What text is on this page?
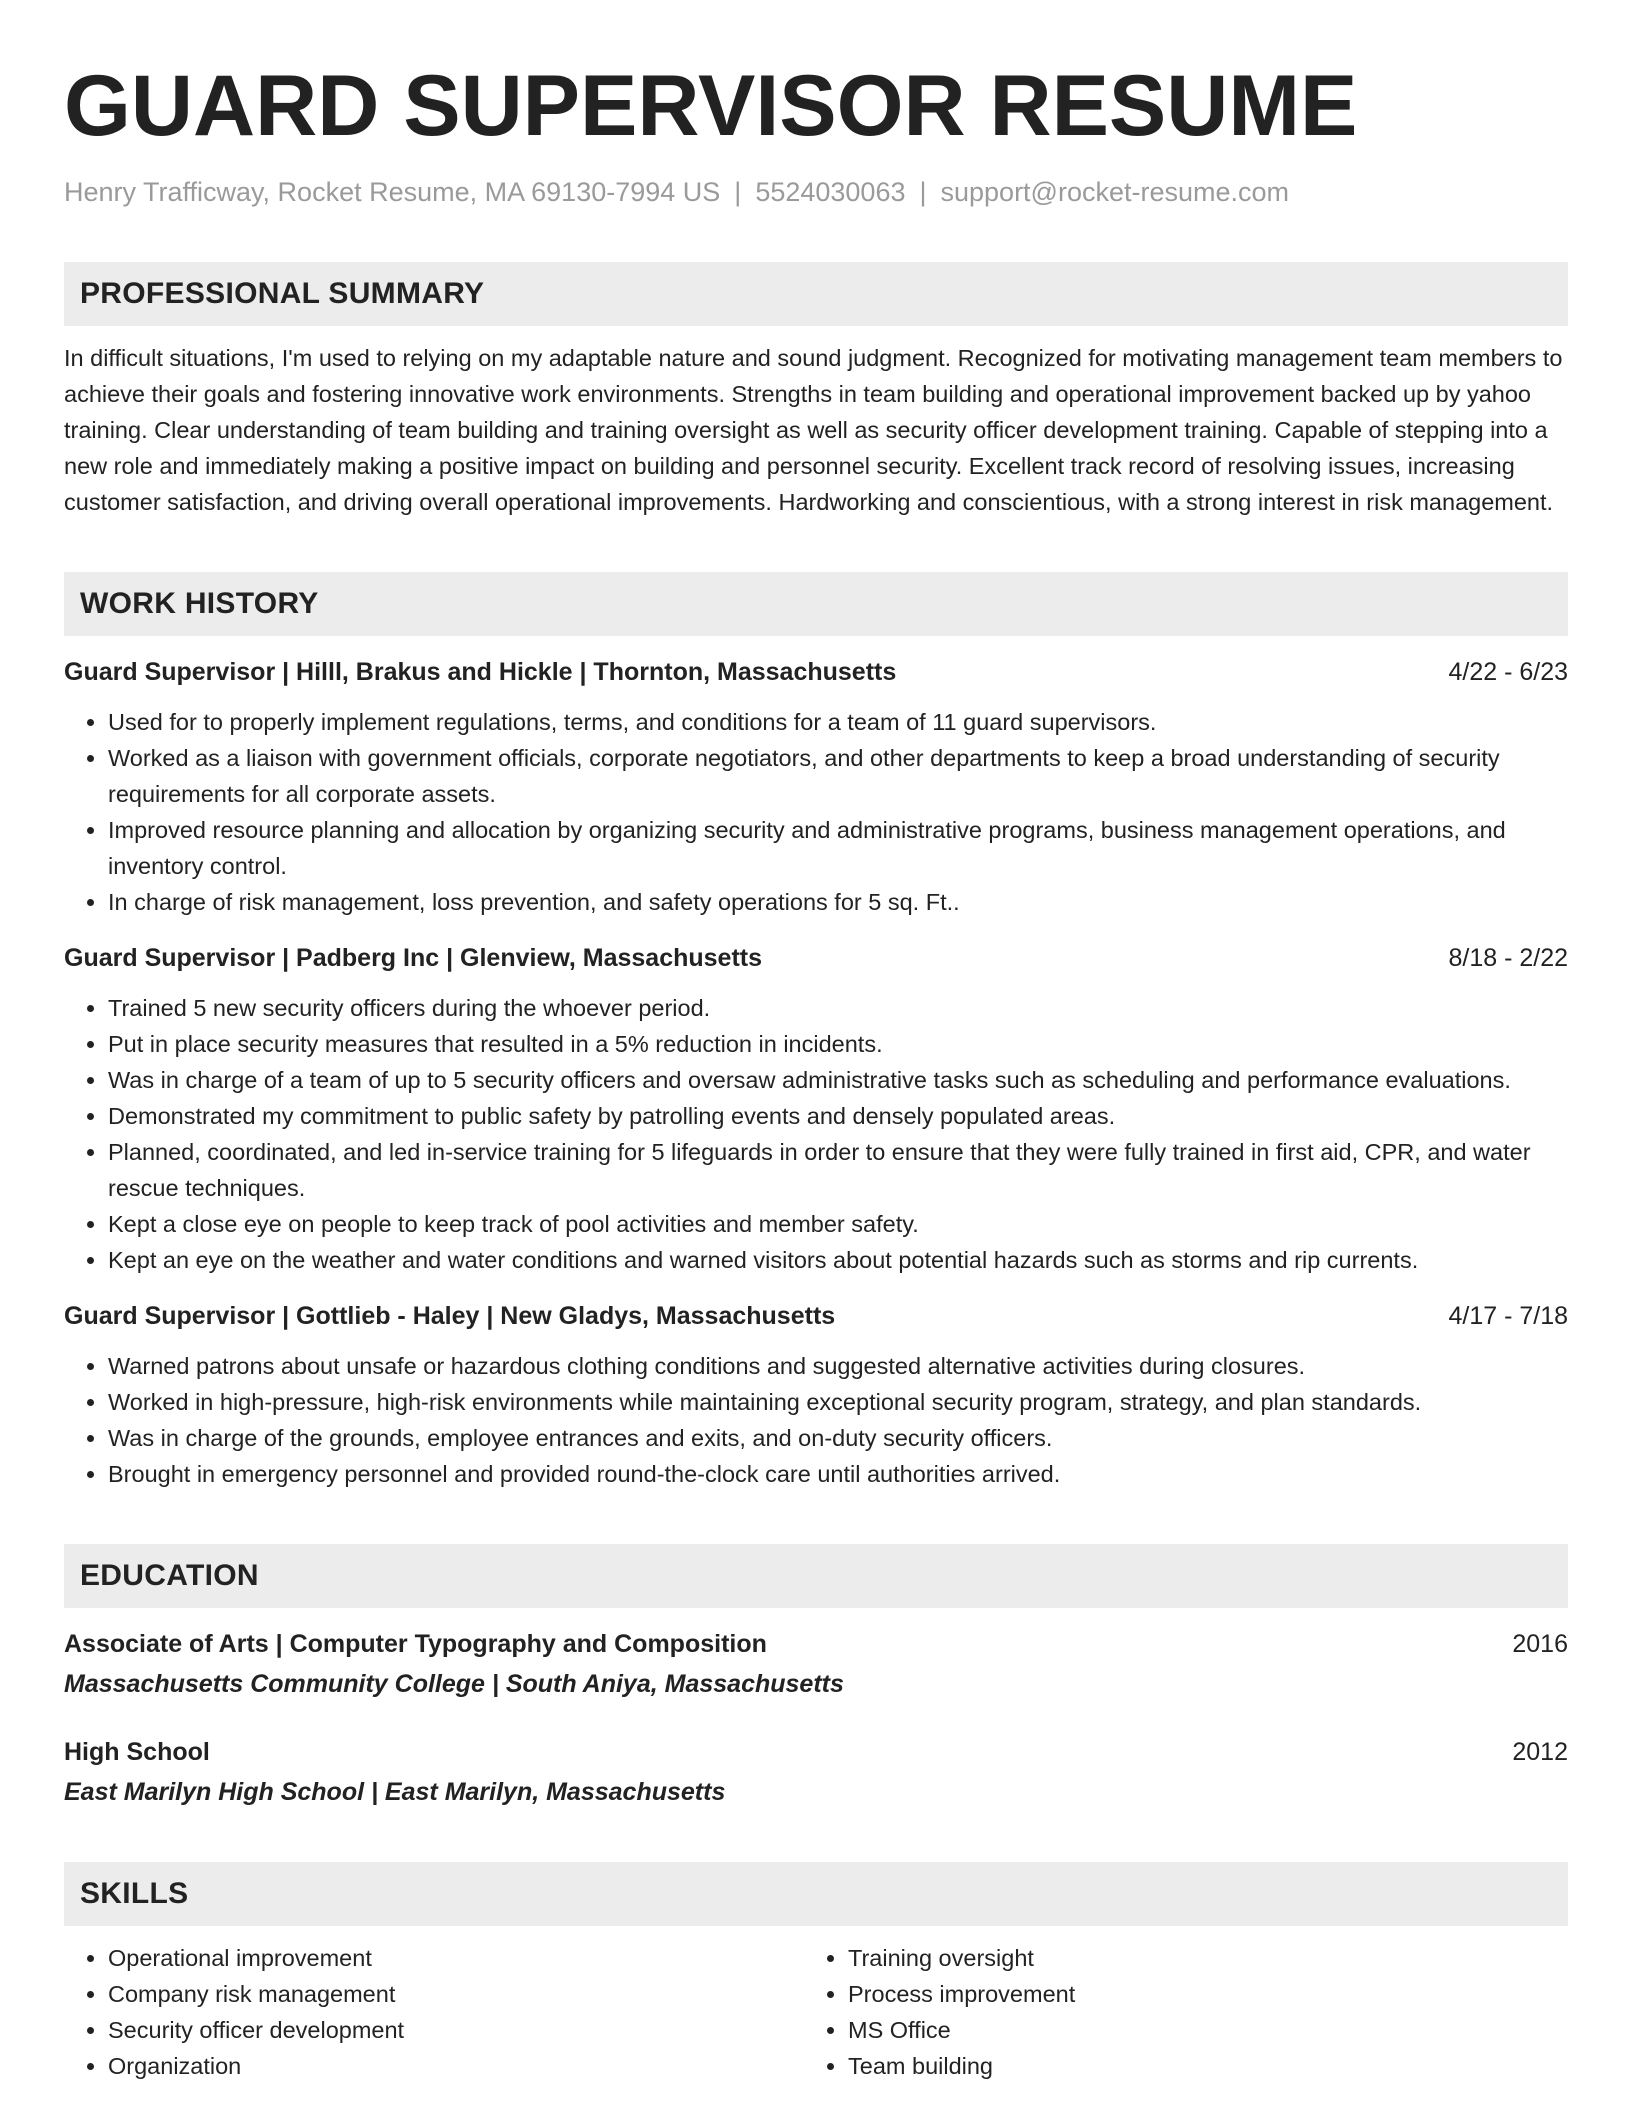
GUARD SUPERVISOR RESUME
Henry Trafficway, Rocket Resume, MA 69130-7994 US | 5524030063 | support@rocket-resume.com
PROFESSIONAL SUMMARY
In difficult situations, I'm used to relying on my adaptable nature and sound judgment. Recognized for motivating management team members to achieve their goals and fostering innovative work environments. Strengths in team building and operational improvement backed up by yahoo training. Clear understanding of team building and training oversight as well as security officer development training. Capable of stepping into a new role and immediately making a positive impact on building and personnel security. Excellent track record of resolving issues, increasing customer satisfaction, and driving overall operational improvements. Hardworking and conscientious, with a strong interest in risk management.
WORK HISTORY
Guard Supervisor | Hilll, Brakus and Hickle | Thornton, Massachusetts	4/22 - 6/23
• Used for to properly implement regulations, terms, and conditions for a team of 11 guard supervisors.
• Worked as a liaison with government officials, corporate negotiators, and other departments to keep a broad understanding of security requirements for all corporate assets.
• Improved resource planning and allocation by organizing security and administrative programs, business management operations, and inventory control.
• In charge of risk management, loss prevention, and safety operations for 5 sq. Ft..
Guard Supervisor | Padberg Inc | Glenview, Massachusetts	8/18 - 2/22
• Trained 5 new security officers during the whoever period.
• Put in place security measures that resulted in a 5% reduction in incidents.
• Was in charge of a team of up to 5 security officers and oversaw administrative tasks such as scheduling and performance evaluations.
• Demonstrated my commitment to public safety by patrolling events and densely populated areas.
• Planned, coordinated, and led in-service training for 5 lifeguards in order to ensure that they were fully trained in first aid, CPR, and water rescue techniques.
• Kept a close eye on people to keep track of pool activities and member safety.
• Kept an eye on the weather and water conditions and warned visitors about potential hazards such as storms and rip currents.
Guard Supervisor | Gottlieb - Haley | New Gladys, Massachusetts	4/17 - 7/18
• Warned patrons about unsafe or hazardous clothing conditions and suggested alternative activities during closures.
• Worked in high-pressure, high-risk environments while maintaining exceptional security program, strategy, and plan standards.
• Was in charge of the grounds, employee entrances and exits, and on-duty security officers.
• Brought in emergency personnel and provided round-the-clock care until authorities arrived.
EDUCATION
Associate of Arts | Computer Typography and Composition	2016
Massachusetts Community College | South Aniya, Massachusetts
High School	2012
East Marilyn High School | East Marilyn, Massachusetts
SKILLS
• Operational improvement
• Company risk management
• Security officer development
• Organization
• Training oversight
• Process improvement
• MS Office
• Team building
